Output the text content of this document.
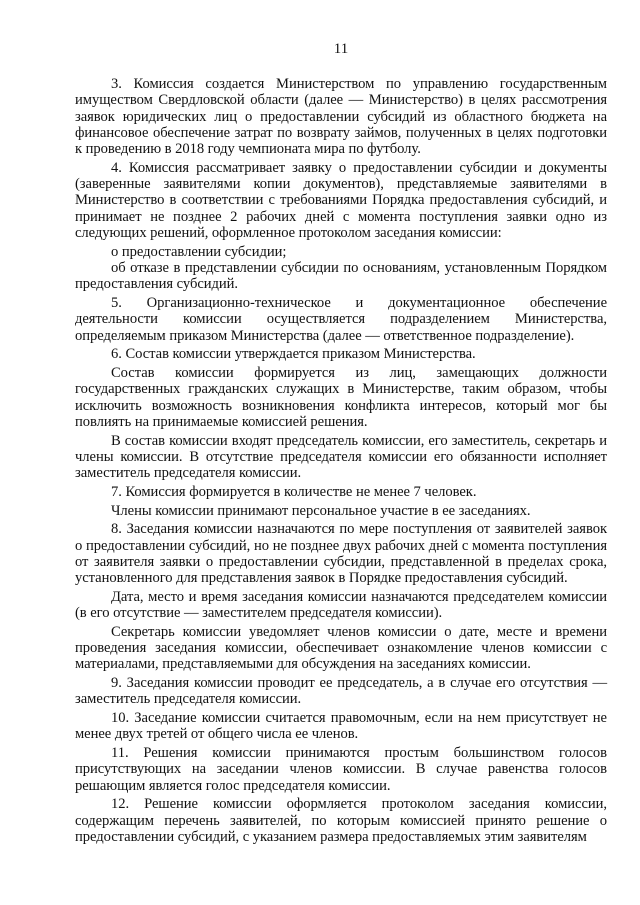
11

3. Комиссия создается Министерством по управлению государственным имуществом Свердловской области (далее — Министерство) в целях рассмотрения заявок юридических лиц о предоставлении субсидий из областного бюджета на финансовое обеспечение затрат по возврату займов, полученных в целях подготовки к проведению в 2018 году чемпионата мира по футболу.

4. Комиссия рассматривает заявку о предоставлении субсидии и документы (заверенные заявителями копии документов), представляемые заявителями в Министерство в соответствии с требованиями Порядка предоставления субсидий, и принимает не позднее 2 рабочих дней с момента поступления заявки одно из следующих решений, оформленное протоколом заседания комиссии:

о предоставлении субсидии;

об отказе в представлении субсидии по основаниям, установленным Порядком предоставления субсидий.

5. Организационно-техническое и документационное обеспечение деятельности комиссии осуществляется подразделением Министерства, определяемым приказом Министерства (далее — ответственное подразделение).

6. Состав комиссии утверждается приказом Министерства.

Состав комиссии формируется из лиц, замещающих должности государственных гражданских служащих в Министерстве, таким образом, чтобы исключить возможность возникновения конфликта интересов, который мог бы повлиять на принимаемые комиссией решения.

В состав комиссии входят председатель комиссии, его заместитель, секретарь и члены комиссии. В отсутствие председателя комиссии его обязанности исполняет заместитель председателя комиссии.

7. Комиссия формируется в количестве не менее 7 человек.

Члены комиссии принимают персональное участие в ее заседаниях.

8. Заседания комиссии назначаются по мере поступления от заявителей заявок о предоставлении субсидий, но не позднее двух рабочих дней с момента поступления от заявителя заявки о предоставлении субсидии, представленной в пределах срока, установленного для представления заявок в Порядке предоставления субсидий.

Дата, место и время заседания комиссии назначаются председателем комиссии (в его отсутствие — заместителем председателя комиссии).

Секретарь комиссии уведомляет членов комиссии о дате, месте и времени проведения заседания комиссии, обеспечивает ознакомление членов комиссии с материалами, представляемыми для обсуждения на заседаниях комиссии.

9. Заседания комиссии проводит ее председатель, а в случае его отсутствия — заместитель председателя комиссии.

10. Заседание комиссии считается правомочным, если на нем присутствует не менее двух третей от общего числа ее членов.

11. Решения комиссии принимаются простым большинством голосов присутствующих на заседании членов комиссии. В случае равенства голосов решающим является голос председателя комиссии.

12. Решение комиссии оформляется протоколом заседания комиссии, содержащим перечень заявителей, по которым комиссией принято решение о предоставлении субсидий, с указанием размера предоставляемых этим заявителям
